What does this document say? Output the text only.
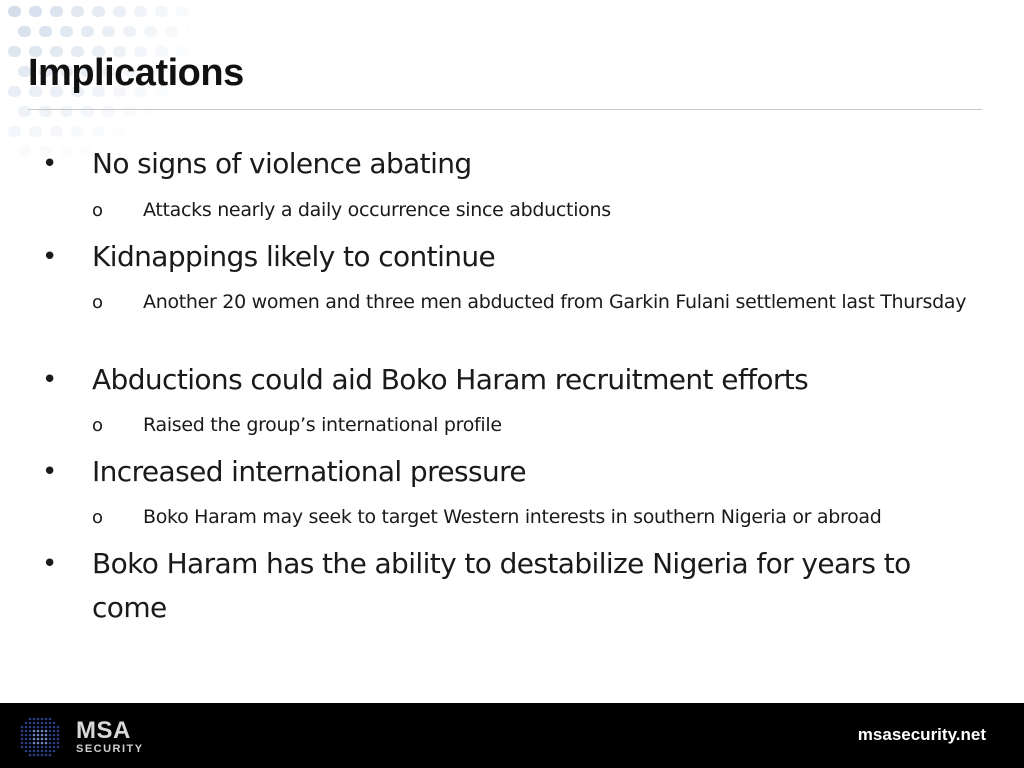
Implications
• No signs of violence abating
o Attacks nearly a daily occurrence since abductions
• Kidnappings likely to continue
o Another 20 women and three men abducted from Garkin Fulani settlement last Thursday
• Abductions could aid Boko Haram recruitment efforts
o Raised the group’s international profile
• Increased international pressure
o Boko Haram may seek to target Western interests in southern Nigeria or abroad
• Boko Haram has the ability to destabilize Nigeria for years to come
MSA
SECURITY
msasecurity.net
